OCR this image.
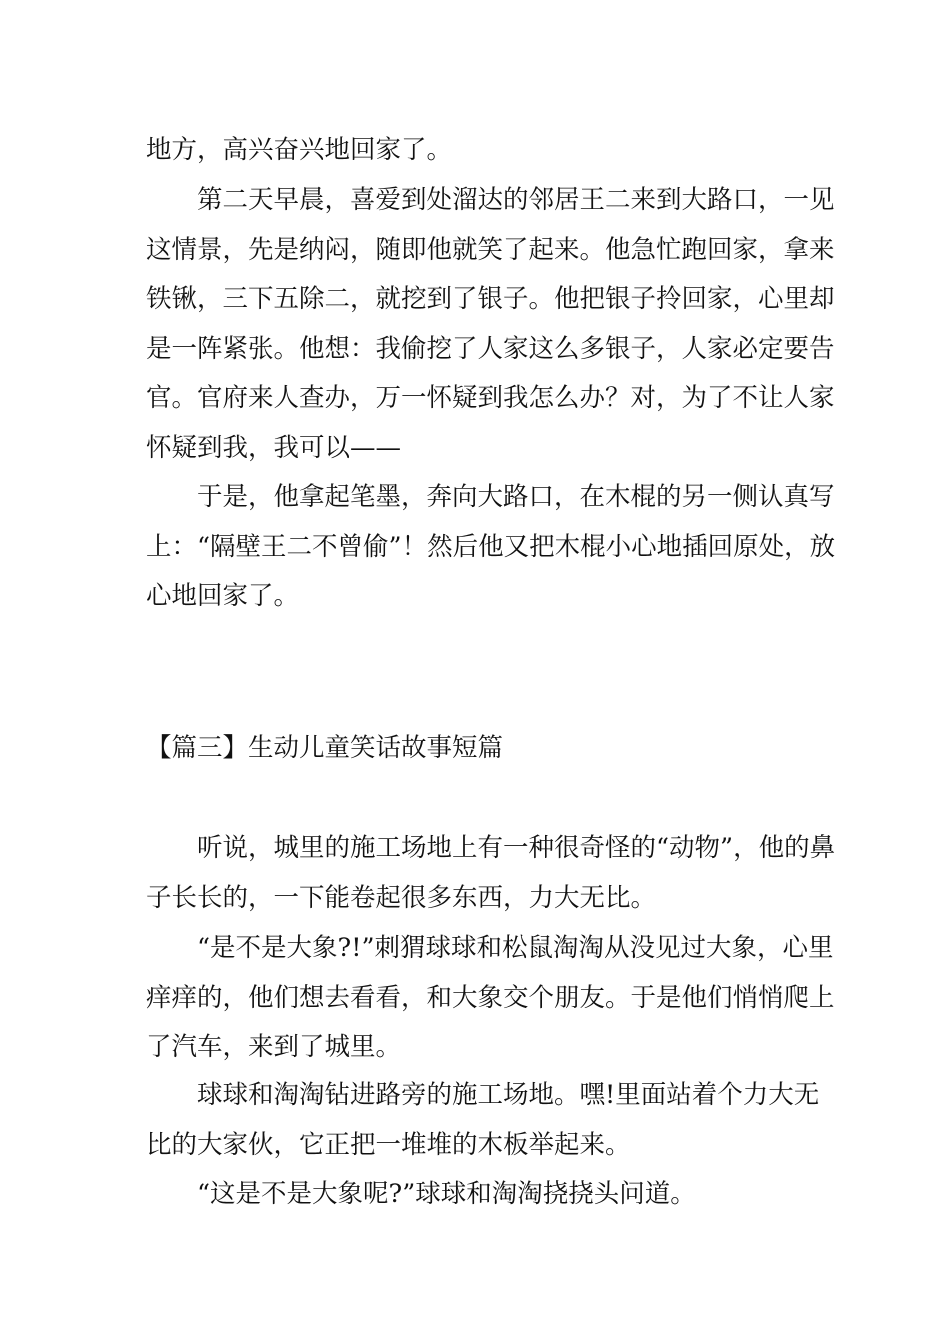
地方，高兴奋兴地回家了。

第二天早晨，喜爱到处溜达的邻居王二来到大路口，一见这情景，先是纳闷，随即他就笑了起来。他急忙跑回家，拿来铁锹，三下五除二，就挖到了银子。他把银子拎回家，心里却是一阵紧张。他想：我偷挖了人家这么多银子，人家必定要告官。官府来人查办，万一怀疑到我怎么办？对，为了不让人家怀疑到我，我可以——

于是，他拿起笔墨，奔向大路口，在木棍的另一侧认真写上：“隔壁王二不曾偷”！然后他又把木棍小心地插回原处，放心地回家了。

【篇三】生动儿童笑话故事短篇

听说，城里的施工场地上有一种很奇怪的“动物”，他的鼻子长长的，一下能卷起很多东西，力大无比。

“是不是大象?!”刺猬球球和松鼠淘淘从没见过大象，心里痒痒的，他们想去看看，和大象交个朋友。于是他们悄悄爬上了汽车，来到了城里。

球球和淘淘钻进路旁的施工场地。嘿!里面站着个力大无比的大家伙，它正把一堆堆的木板举起来。

“这是不是大象呢?”球球和淘淘挠挠头问道。
